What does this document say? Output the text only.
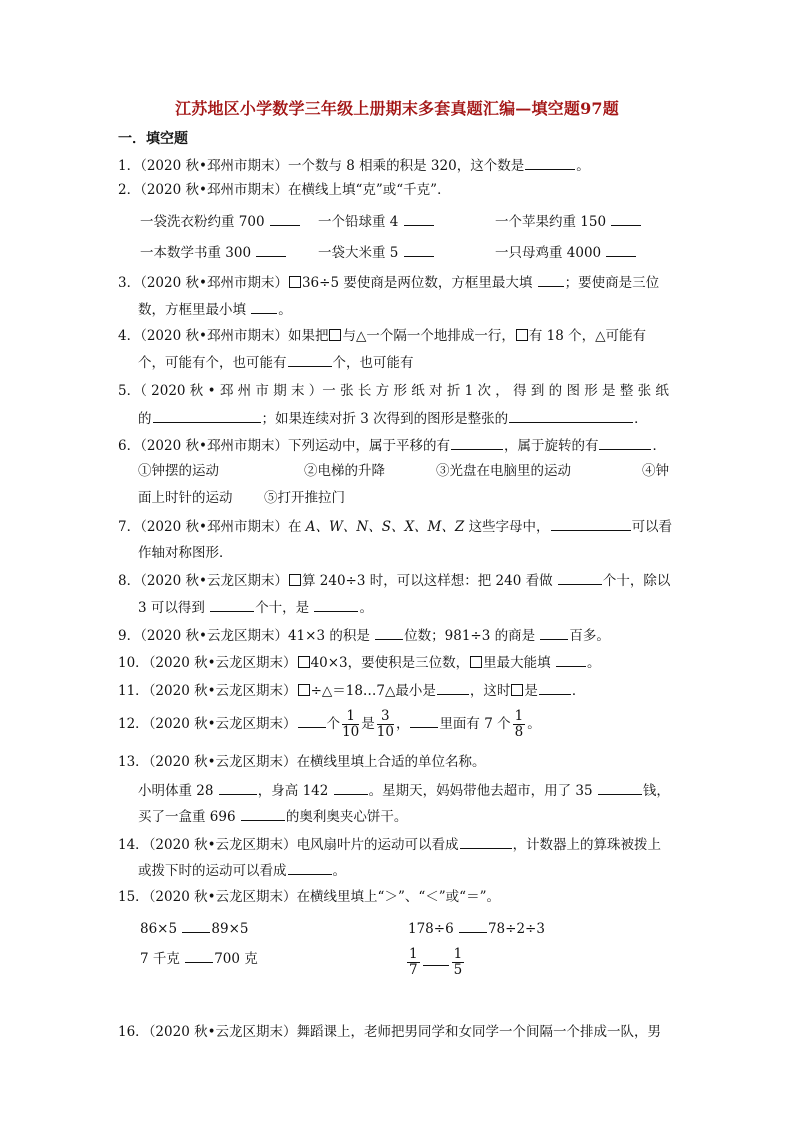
江苏地区小学数学三年级上册期末多套真题汇编—填空题97题
一．填空题
1．（2020 秋•邳州市期末）一个数与 8 相乘的积是 320，这个数是	。
2．（2020 秋•邳州市期末）在横线上填“克”或“千克”．
一袋洗衣粉约重 700	一个铅球重 4	一个苹果约重 150
一本数学书重 300	一袋大米重 5	一只母鸡重 4000
3．（2020 秋•邳州市期末） 36÷5 要使商是两位数，方框里最大填 ；要使商是三位
数，方框里最小填 。
4．（2020 秋•邳州市期末）如果把 与△一个隔一个地排成一行， 有 18 个，△可能有
个，可能有个，也可能有	个，也可能有
5．（ 2020 秋 • 邳 州 市 期 末 ）一 张 长 方 形 纸 对 折 1 次 ， 得 到 的 图 形 是 整 张 纸
的	；如果连续对折 3 次得到的图形是整张的	．
6．（2020 秋•邳州市期末）下列运动中，属于平移的有	，属于旋转的有	．
①钟摆的运动	②电梯的升降	③光盘在电脑里的运动	④钟
面上时针的运动 ⑤打开推拉门
7．（2020 秋•邳州市期末）在 A、W、N、S、X、M、Z 这些字母中，	可以看
作轴对称图形．
8．（2020 秋•云龙区期末） 算 240÷3 时，可以这样想：把 240 看做	个十，除以
3 可以得到	个十，是	。
9．（2020 秋•云龙区期末）41×3 的积是	位数；981÷3 的商是	百多。
10．（2020 秋•云龙区期末） 40×3，要使积是三位数， 里最大能填	。
11．（2020 秋•云龙区期末） ÷△＝18…7△最小是	，这时 是	．
12．（2020 秋•云龙区期末） 个 $\frac{1}{10}$ 是 $\frac{3}{10}$ ， 里面有 7 个 $\frac{1}{8}$ 。
13．（2020 秋•云龙区期末）在横线里填上合适的单位名称。
小明体重 28	，身高 142	。星期天，妈妈带他去超市，用了 35	钱，
买了一盒重 696	的奥利奥夹心饼干。
14．（2020 秋•云龙区期末）电风扇叶片的运动可以看成	，计数器上的算珠被拨上
或拨下时的运动可以看成	。
15．（2020 秋•云龙区期末）在横线里填上“＞”、“＜”或“＝”。
86×5	89×5	178÷6	78÷2÷3
7 千克	700 克	$\frac{1}{7} \frac{1}{5}$
16．（2020 秋•云龙区期末）舞蹈课上，老师把男同学和女同学一个间隔一个排成一队，男
